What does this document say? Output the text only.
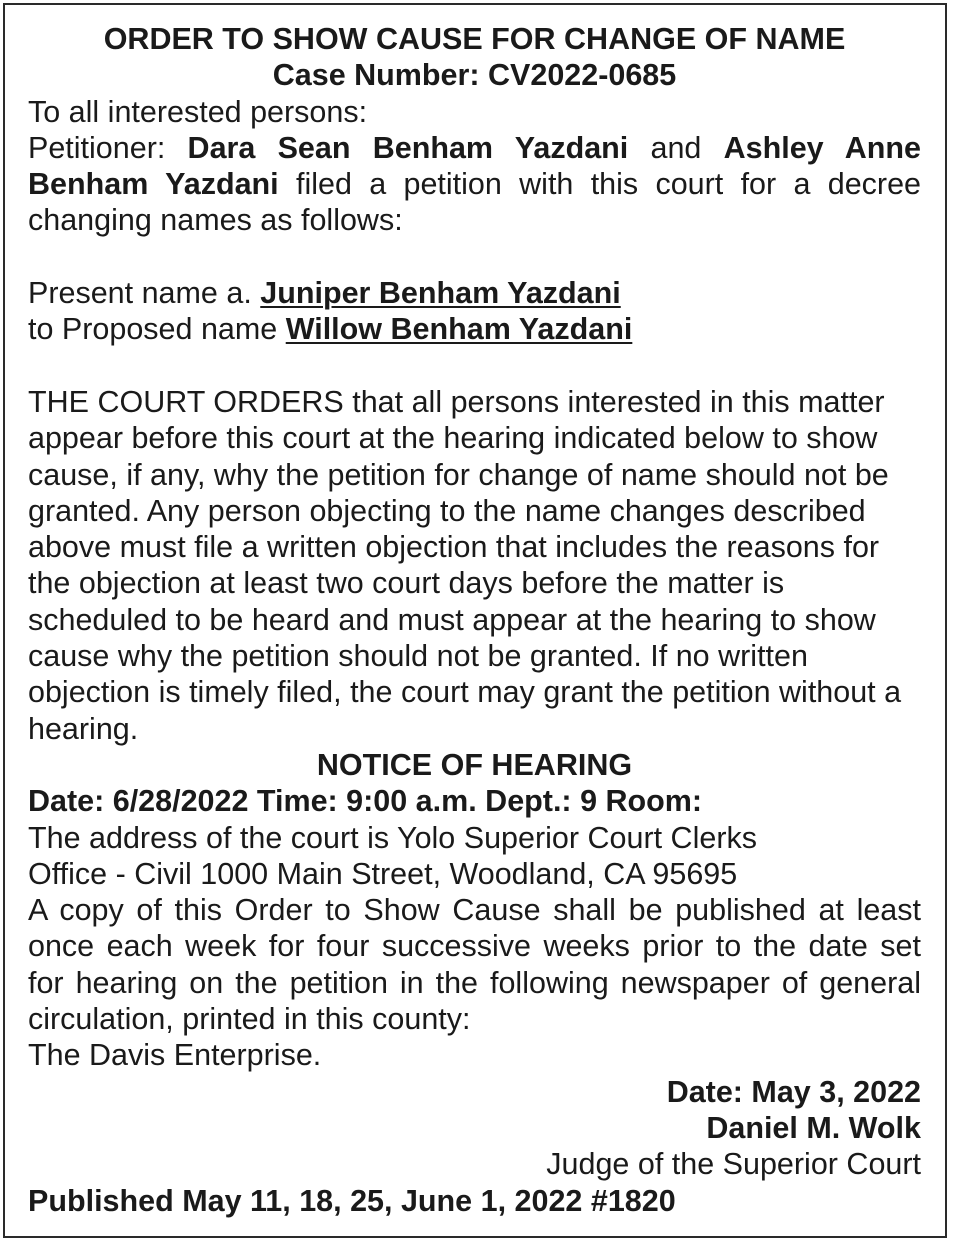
ORDER TO SHOW CAUSE FOR CHANGE OF NAME

Case Number: CV2022-0685

To all interested persons:

Petitioner: Dara Sean Benham Yazdani and Ashley Anne Benham Yazdani filed a petition with this court for a decree changing names as follows:

Present name a. Juniper Benham Yazdani

to Proposed name Willow Benham Yazdani

THE COURT ORDERS that all persons interested in this matter appear before this court at the hearing indicated below to show cause, if any, why the petition for change of name should not be granted. Any person objecting to the name changes described above must file a written objection that includes the reasons for the objection at least two court days before the matter is scheduled to be heard and must appear at the hearing to show cause why the petition should not be granted. If no written objection is timely filed, the court may grant the petition without a hearing.

NOTICE OF HEARING

Date: 6/28/2022 Time: 9:00 a.m. Dept.: 9 Room:

The address of the court is Yolo Superior Court Clerks

Office - Civil 1000 Main Street, Woodland, CA 95695

A copy of this Order to Show Cause shall be published at least once each week for four successive weeks prior to the date set for hearing on the petition in the following newspaper of general circulation, printed in this county:

The Davis Enterprise.

Date: May 3, 2022

Daniel M. Wolk

Judge of the Superior Court

Published May 11, 18, 25, June 1, 2022 #1820
